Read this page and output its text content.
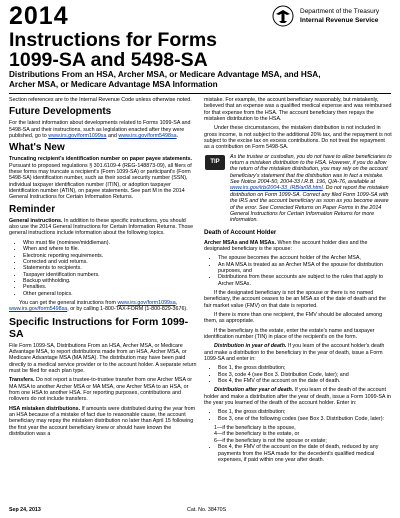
2014	Department of the Treasury
Internal Revenue Service
Instructions for Forms
1099-SA and 5498-SA
Distributions From an HSA, Archer MSA, or Medicare Advantage MSA, and HSA,
Archer MSA, or Medicare Advantage MSA Information

Section references are to the Internal Revenue Code unless otherwise noted.

Future Developments

For the latest information about developments related to Forms 1099-SA and 5498-SA and their instructions, such as legislation enacted after they were published, go to www.irs.gov/form1099sa and www.irs.gov/form5498sa.

What's New

Truncating recipient's identification number on paper payee statements. Pursuant to proposed regulations § 301.6109-4 (REG-148873-09), all filers of these forms may truncate a recipient's (Form 1099-SA) or participant's (Form 5498-SA) identification number, such as their social security number (SSN), individual taxpayer identification number (ITIN), or adoption taxpayer identification number (ATIN), on payee statements. See part M in the 2014 General Instructions for Certain Information Returns.

Reminder

General instructions. In addition to these specific instructions, you should also use the 2014 General Instructions for Certain Information Returns. Those general instructions include information about the following topics.

• Who must file (nominee/middleman).
• When and where to file.
• Electronic reporting requirements.
• Corrected and void returns.
• Statements to recipients.
• Taxpayer identification numbers.
• Backup withholding.
• Penalties.
• Other general topics.

You can get the general instructions from www.irs.gov/form1099sa, www.irs.gov/form5498sa, or by calling 1-800-TAX-FORM (1-800-829-3676).

Specific Instructions for Form 1099-SA

File Form 1099-SA, Distributions From an HSA, Archer MSA, or Medicare Advantage MSA, to report distributions made from an HSA, Archer MSA, or Medicare Advantage MSA (MA MSA). The distribution may have been paid directly to a medical service provider or to the account holder. A separate return must be filed for each plan type.

Transfers. Do not report a trustee-to-trustee transfer from one Archer MSA or MA MSA to another Archer MSA or MA MSA, one Archer MSA to an HSA, or from one HSA to another HSA. For reporting purposes, contributions and rollovers do not include transfers.

HSA mistaken distributions. If amounts were distributed during the year from an HSA because of a mistake of fact due to reasonable cause, the account beneficiary may repay the mistaken distribution no later than April 15 following the first year the account beneficiary knew or should have known the distribution was a

mistake. For example, the account beneficiary reasonably, but mistakenly, believed that an expense was a qualified medical expense and was reimbursed for that expense from the HSA. The account beneficiary then repays the mistaken distribution to the HSA.

Under these circumstances, the mistaken distribution is not included in gross income, is not subject to the additional 20% tax, and the repayment is not subject to the excise tax on excess contributions. Do not treat the repayment as a contribution on Form 5498-SA.

TIP

As the trustee or custodian, you do not have to allow beneficiaries to return a mistaken distribution to the HSA. However, if you do allow the return of the mistaken distribution, you may rely on the account beneficiary's statement that the distribution was in fact a mistake. See Notice 2004-50, 2004-33 I.R.B. 196, Q/A-76, available at www.irs.gov/irb/2004-33_IRB/ar08.html. Do not report the mistaken distribution on Form 1099-SA. Correct any filed Form 1099-SA with the IRS and the account beneficiary as soon as you become aware of the error. See Corrected Returns on Paper Forms in the 2014 General Instructions for Certain Information Returns for more information.

Death of Account Holder

Archer MSAs and MA MSAs. When the account holder dies and the designated beneficiary is the spouse:

• The spouse becomes the account holder of the Archer MSA,
• An MA MSA is treated as an Archer MSA of the spouse for distribution purposes, and
• Distributions from these accounts are subject to the rules that apply to Archer MSAs.

If the designated beneficiary is not the spouse or there is no named beneficiary, the account ceases to be an MSA as of the date of death and the fair market value (FMV) on that date is reported.

If there is more than one recipient, the FMV should be allocated among them, as appropriate.

If the beneficiary is the estate, enter the estate's name and taxpayer identification number (TIN) in place of the recipient's on the form.

Distribution in year of death. If you learn of the account holder's death and make a distribution to the beneficiary in the year of death, issue a Form 1099-SA and enter in:

• Box 1, the gross distribution;
• Box 3, code 4 (see Box 3. Distribution Code, later); and
• Box 4, the FMV of the account on the date of death.

Distribution after year of death. If you learn of the death of the account holder and make a distribution after the year of death, issue a Form 1099-SA in the year you learned of the death of the account holder. Enter in:

• Box 1, the gross distribution;
• Box 3, one of the following codes (see Box 3. Distribution Code, later):
1—if the beneficiary is the spouse,
4—if the beneficiary is the estate, or
6—if the beneficiary is not the spouse or estate;
• Box 4, the FMV of the account on the date of death, reduced by any payments from the HSA made for the decedent's qualified medical expenses, if paid within one year after death.
Sep 24, 2013	Cat. No. 38470S
